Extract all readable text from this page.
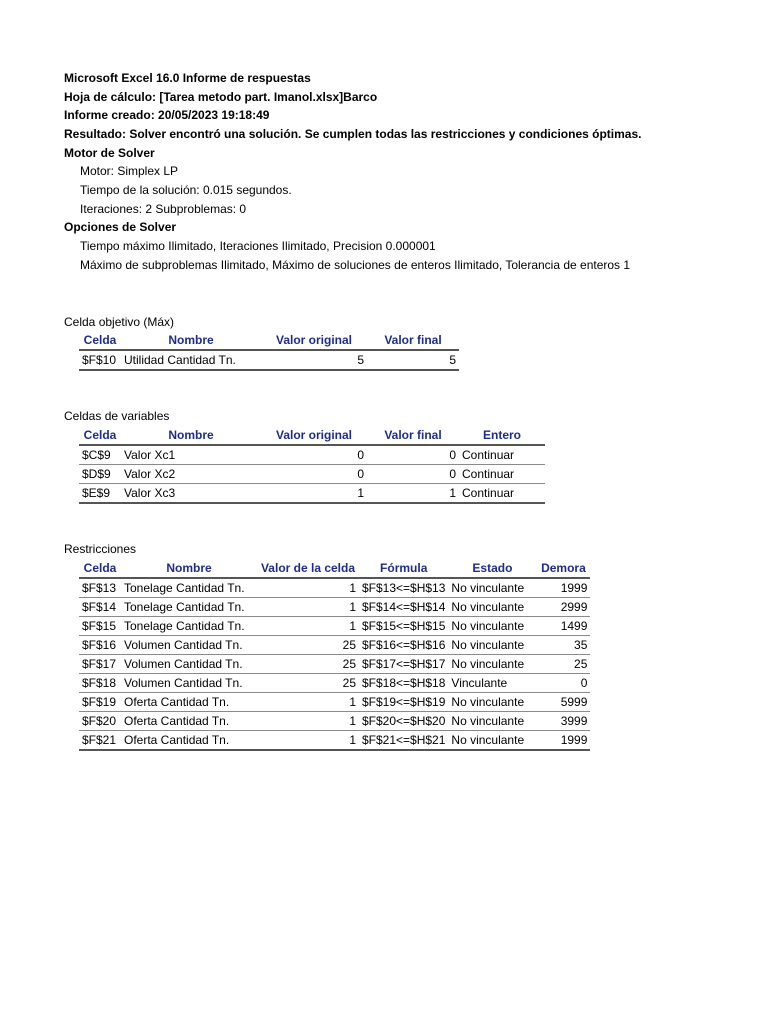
Microsoft Excel 16.0 Informe de respuestas
Hoja de cálculo: [Tarea metodo part. Imanol.xlsx]Barco
Informe creado: 20/05/2023 19:18:49
Resultado: Solver encontró una solución. Se cumplen todas las restricciones y condiciones óptimas.
Motor de Solver
Motor: Simplex LP
Tiempo de la solución: 0.015 segundos.
Iteraciones: 2 Subproblemas: 0
Opciones de Solver
Tiempo máximo Ilimitado, Iteraciones Ilimitado, Precision 0.000001
Máximo de subproblemas Ilimitado, Máximo de soluciones de enteros Ilimitado, Tolerancia de enteros 1
Celda objetivo (Máx)
Celda	Nombre	Valor original	Valor final
$F$10	Utilidad Cantidad Tn.	5	5
Celdas de variables
Celda	Nombre	Valor original	Valor final	Entero
$C$9	Valor Xc1	0	0	Continuar
$D$9	Valor Xc2	0	0	Continuar
$E$9	Valor Xc3	1	1	Continuar
Restricciones
Celda	Nombre	Valor de la celda	Fórmula	Estado	Demora
$F$13	Tonelage Cantidad Tn.	1	$F$13<=$H$13	No vinculante	1999
$F$14	Tonelage Cantidad Tn.	1	$F$14<=$H$14	No vinculante	2999
$F$15	Tonelage Cantidad Tn.	1	$F$15<=$H$15	No vinculante	1499
$F$16	Volumen Cantidad Tn.	25	$F$16<=$H$16	No vinculante	35
$F$17	Volumen Cantidad Tn.	25	$F$17<=$H$17	No vinculante	25
$F$18	Volumen Cantidad Tn.	25	$F$18<=$H$18	Vinculante	0
$F$19	Oferta Cantidad Tn.	1	$F$19<=$H$19	No vinculante	5999
$F$20	Oferta Cantidad Tn.	1	$F$20<=$H$20	No vinculante	3999
$F$21	Oferta Cantidad Tn.	1	$F$21<=$H$21	No vinculante	1999
